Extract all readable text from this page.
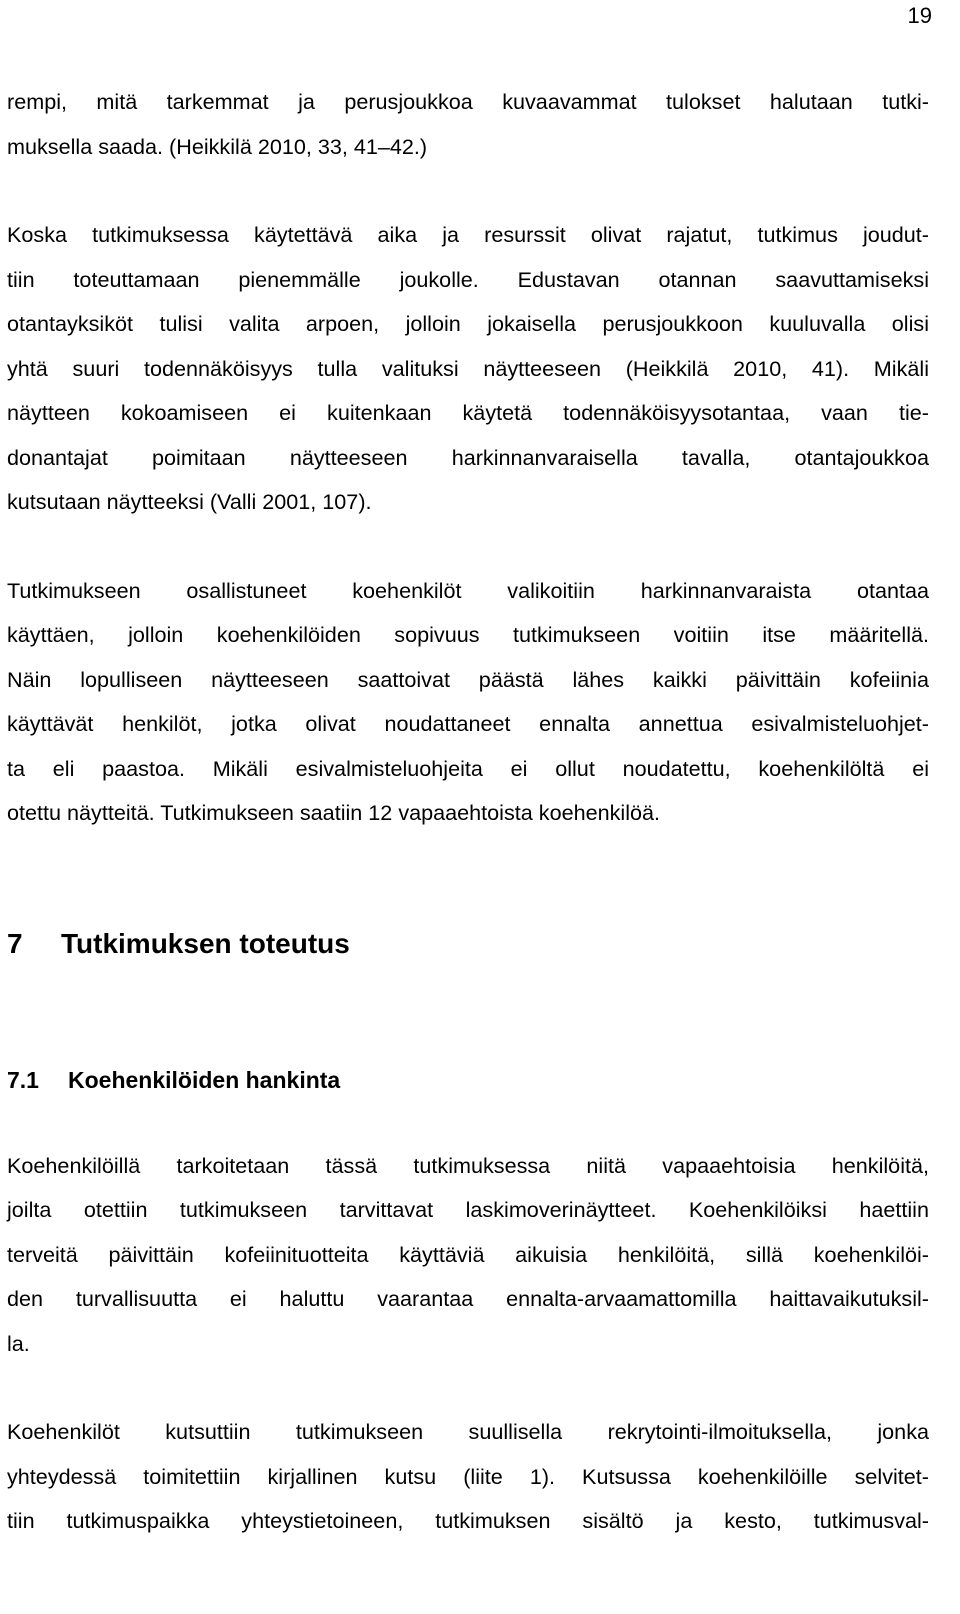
19

rempi, mitä tarkemmat ja perusjoukkoa kuvaavammat tulokset halutaan tutki-
muksella saada. (Heikkilä 2010, 33, 41–42.)

Koska tutkimuksessa käytettävä aika ja resurssit olivat rajatut, tutkimus joudut-
tiin toteuttamaan pienemmälle joukolle. Edustavan otannan saavuttamiseksi
otantayksiköt tulisi valita arpoen, jolloin jokaisella perusjoukkoon kuuluvalla olisi
yhtä suuri todennäköisyys tulla valituksi näytteeseen (Heikkilä 2010, 41). Mikäli
näytteen kokoamiseen ei kuitenkaan käytetä todennäköisyysotantaa, vaan tie-
donantajat poimitaan näytteeseen harkinnanvaraisella tavalla, otantajoukkoa
kutsutaan näytteeksi (Valli 2001, 107).

Tutkimukseen osallistuneet koehenkilöt valikoitiin harkinnanvaraista otantaa
käyttäen, jolloin koehenkilöiden sopivuus tutkimukseen voitiin itse määritellä.
Näin lopulliseen näytteeseen saattoivat päästä lähes kaikki päivittäin kofeiinia
käyttävät henkilöt, jotka olivat noudattaneet ennalta annettua esivalmisteluohjet-
ta eli paastoa. Mikäli esivalmisteluohjeita ei ollut noudatettu, koehenkilöltä ei
otettu näytteitä. Tutkimukseen saatiin 12 vapaaehtoista koehenkilöä.

7	Tutkimuksen toteutus
7.1	Koehenkilöiden hankinta

Koehenkilöillä tarkoitetaan tässä tutkimuksessa niitä vapaaehtoisia henkilöitä,
joilta otettiin tutkimukseen tarvittavat laskimoverinäytteet. Koehenkilöiksi haettiin
terveitä päivittäin kofeiinituotteita käyttäviä aikuisia henkilöitä, sillä koehenkilöi-
den turvallisuutta ei haluttu vaarantaa ennalta-arvaamattomilla haittavaikutuksil-
la.

Koehenkilöt kutsuttiin tutkimukseen suullisella rekrytointi-ilmoituksella, jonka
yhteydessä toimitettiin kirjallinen kutsu (liite 1). Kutsussa koehenkilöille selvitet-
tiin tutkimuspaikka yhteystietoineen, tutkimuksen sisältö ja kesto, tutkimusval-
